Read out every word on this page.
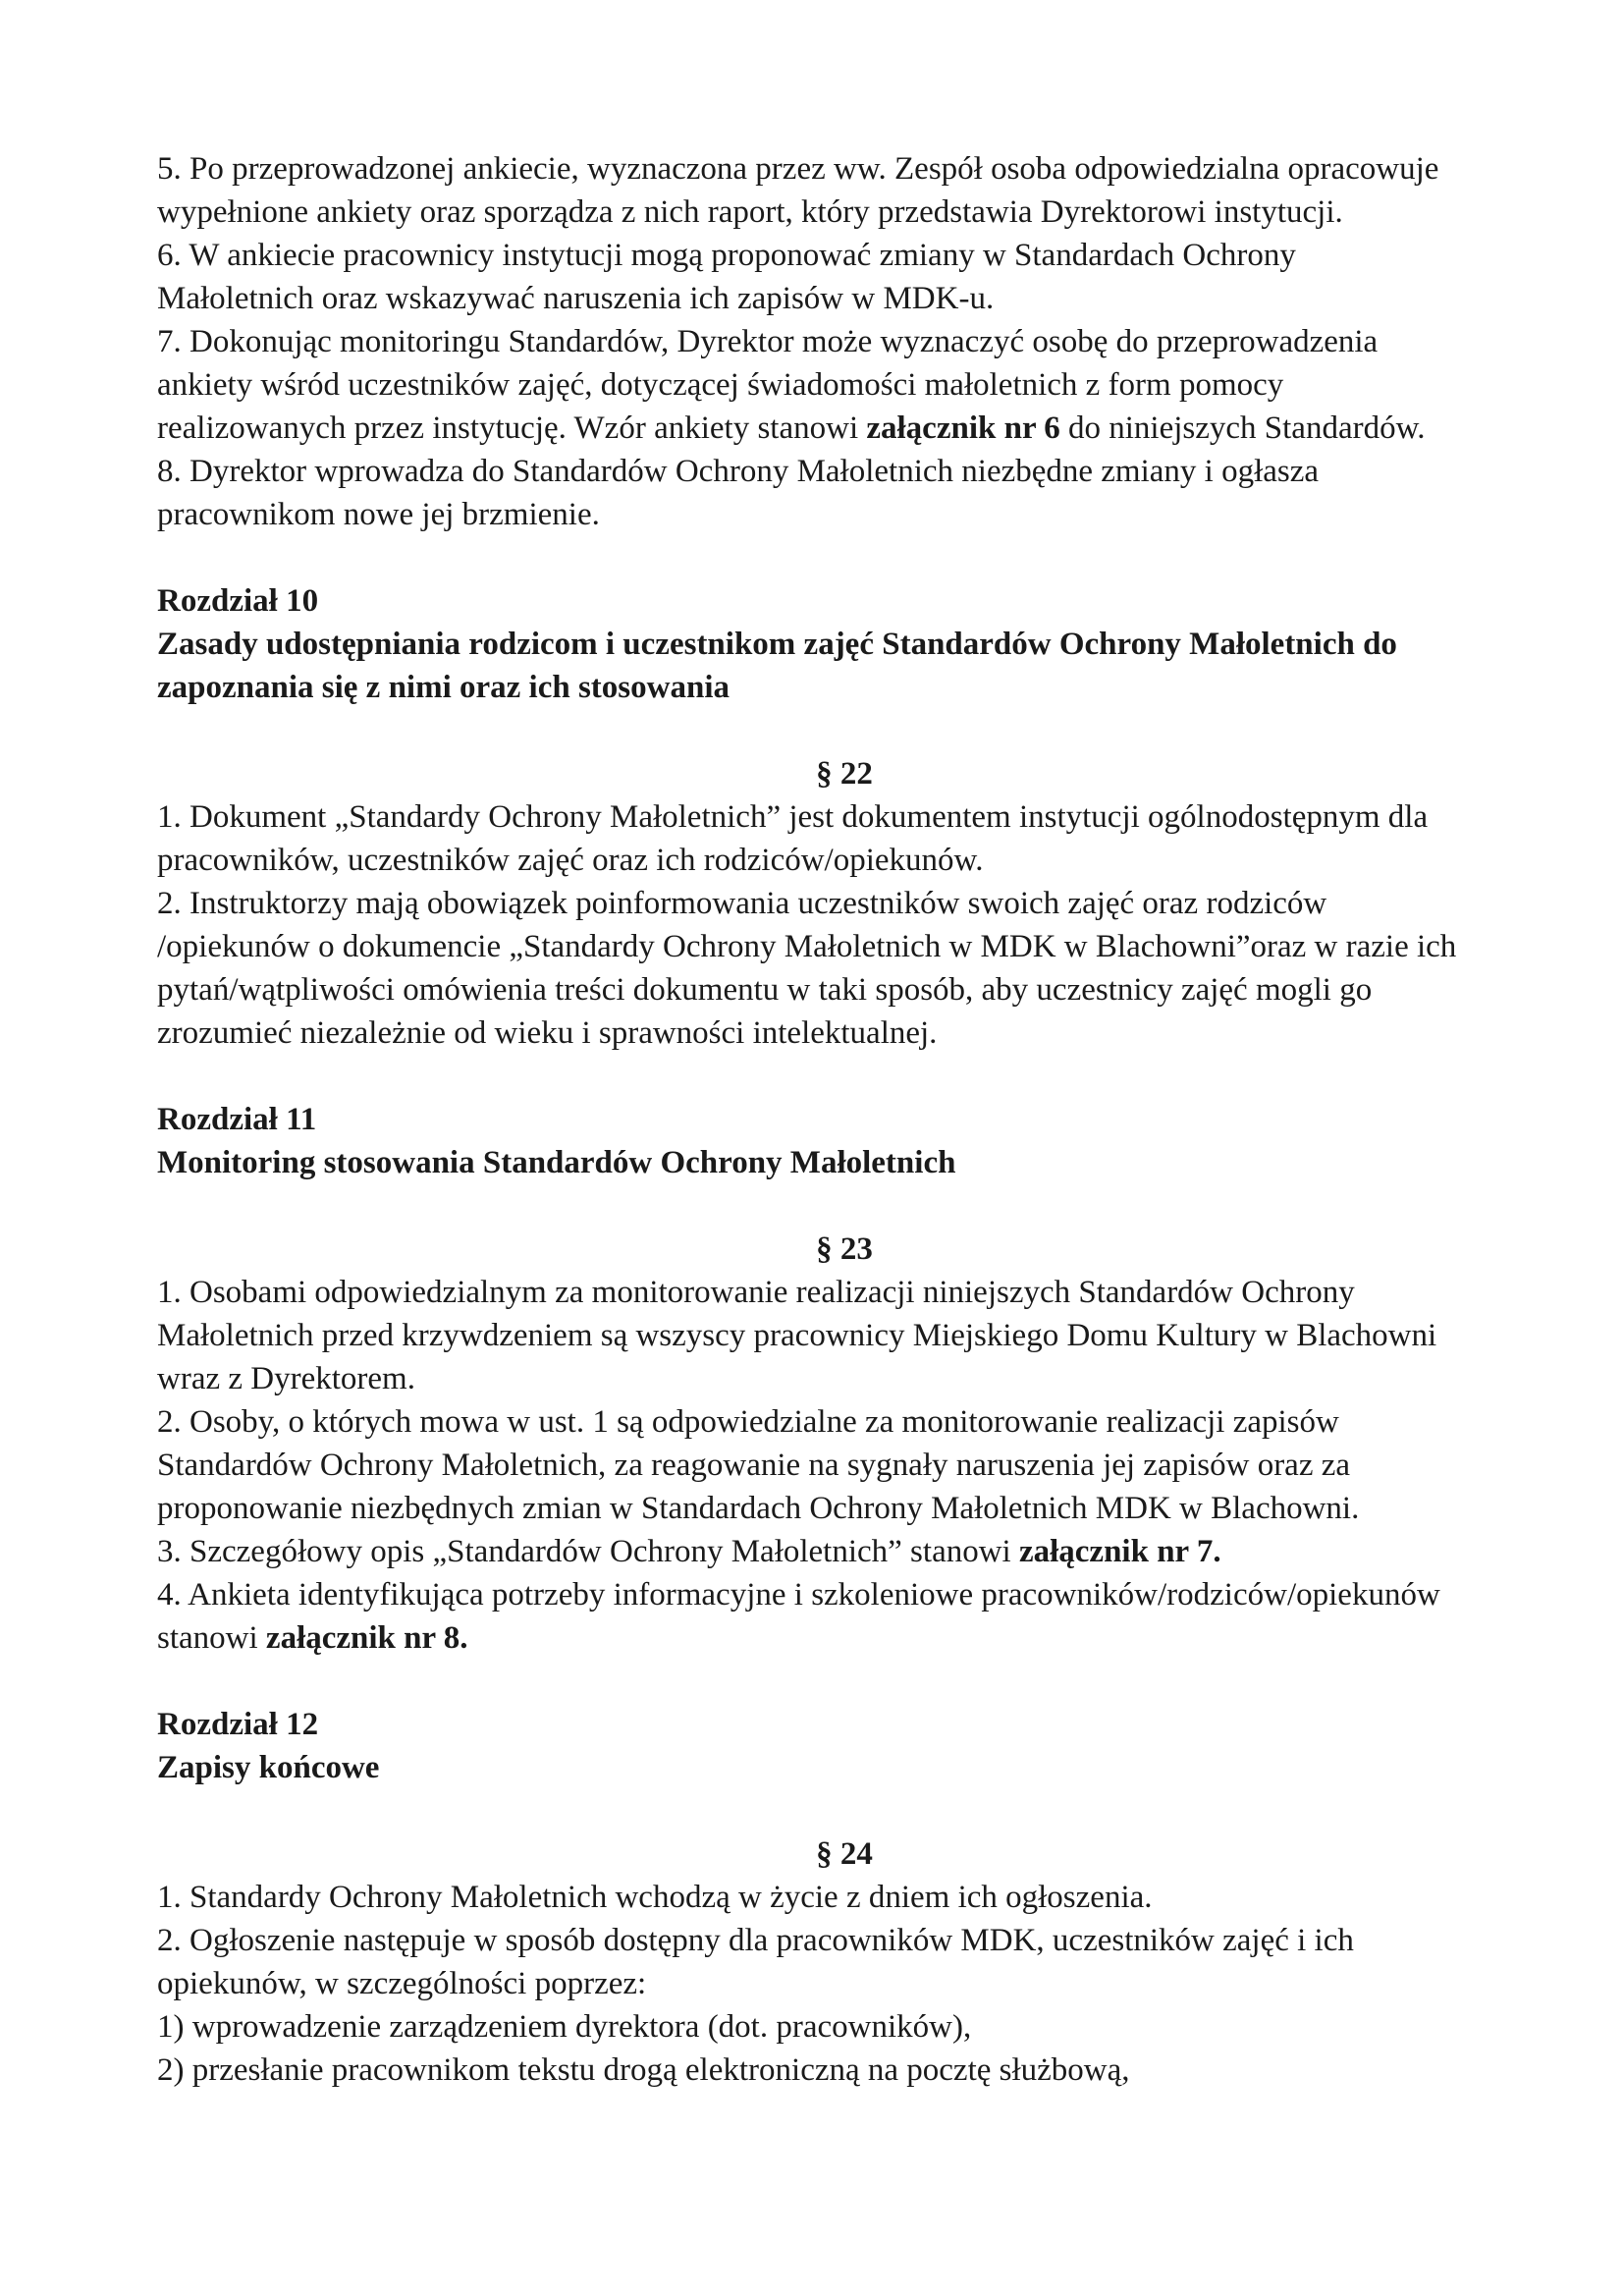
5. Po przeprowadzonej ankiecie, wyznaczona przez ww. Zespół osoba odpowiedzialna opracowuje
wypełnione ankiety oraz sporządza z nich raport, który przedstawia Dyrektorowi instytucji.
6. W ankiecie pracownicy instytucji mogą proponować zmiany w Standardach Ochrony
Małoletnich oraz wskazywać naruszenia ich zapisów w MDK-u.
7. Dokonując monitoringu Standardów, Dyrektor może wyznaczyć osobę do przeprowadzenia
ankiety wśród uczestników zajęć, dotyczącej świadomości małoletnich z form pomocy
realizowanych przez instytucję. Wzór ankiety stanowi załącznik nr 6 do niniejszych Standardów.
8. Dyrektor wprowadza do Standardów Ochrony Małoletnich niezbędne zmiany i ogłasza
pracownikom nowe jej brzmienie.
Rozdział 10
Zasady udostępniania rodzicom i uczestnikom zajęć Standardów Ochrony Małoletnich do
zapoznania się z nimi oraz ich stosowania
§ 22
1. Dokument „Standardy Ochrony Małoletnich” jest dokumentem instytucji ogólnodostępnym dla
pracowników, uczestników zajęć oraz ich rodziców/opiekunów.
2. Instruktorzy mają obowiązek poinformowania uczestników swoich zajęć oraz rodziców
/opiekunów o dokumencie „Standardy Ochrony Małoletnich w MDK w Blachowni”oraz w razie ich
pytań/wątpliwości omówienia treści dokumentu w taki sposób, aby uczestnicy zajęć mogli go
zrozumieć niezależnie od wieku i sprawności intelektualnej.
Rozdział 11
Monitoring stosowania Standardów Ochrony Małoletnich
§ 23
1. Osobami odpowiedzialnym za monitorowanie realizacji niniejszych Standardów Ochrony
Małoletnich przed krzywdzeniem są wszyscy pracownicy Miejskiego Domu Kultury w Blachowni
wraz z Dyrektorem.
2. Osoby, o których mowa w ust. 1 są odpowiedzialne za monitorowanie realizacji zapisów
Standardów Ochrony Małoletnich, za reagowanie na sygnały naruszenia jej zapisów oraz za
proponowanie niezbędnych zmian w Standardach Ochrony Małoletnich MDK w Blachowni.
3. Szczegółowy opis „Standardów Ochrony Małoletnich” stanowi załącznik nr 7.
4. Ankieta identyfikująca potrzeby informacyjne i szkoleniowe pracowników/rodziców/opiekunów
stanowi załącznik nr 8.
Rozdział 12
Zapisy końcowe
§ 24
1. Standardy Ochrony Małoletnich wchodzą w życie z dniem ich ogłoszenia.
2. Ogłoszenie następuje w sposób dostępny dla pracowników MDK, uczestników zajęć i ich
opiekunów, w szczególności poprzez:
1) wprowadzenie zarządzeniem dyrektora (dot. pracowników),
2) przesłanie pracownikom tekstu drogą elektroniczną na pocztę służbową,
